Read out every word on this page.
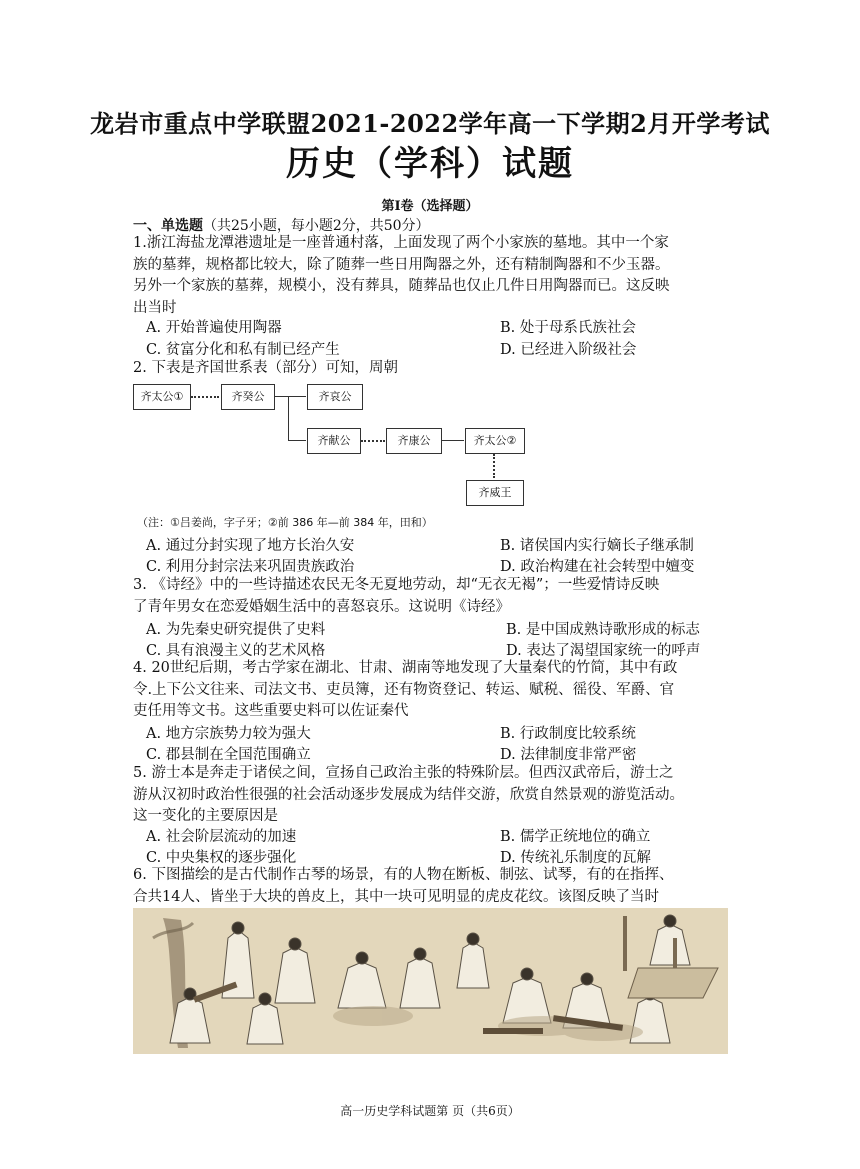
龙岩市重点中学联盟2021-2022学年高一下学期2月开学考试
历史（学科）试题
第Ⅰ卷（选择题）
一、单选题（共25小题，每小题2分，共50分）
1.浙江海盐龙潭港遗址是一座普通村落，上面发现了两个小家族的墓地。其中一个家
族的墓葬，规格都比较大，除了随葬一些日用陶器之外，还有精制陶器和不少玉器。
另外一个家族的墓葬，规模小，没有葬具，随葬品也仅止几件日用陶器而已。这反映
出当时
A. 开始普遍使用陶器	B. 处于母系氏族社会
C. 贫富分化和私有制已经产生	D. 已经进入阶级社会
2. 下表是齐国世系表（部分）可知，周朝
齐太公①	齐癸公	齐哀公
齐献公	齐康公	齐太公②
齐威王
（注：①吕姜尚，字子牙；②前 386 年—前 384 年，田和）
A. 通过分封实现了地方长治久安	B. 诸侯国内实行嫡长子继承制
C. 利用分封宗法来巩固贵族政治	D. 政治构建在社会转型中嬗变
3. 《诗经》中的一些诗描述农民无冬无夏地劳动，却“无衣无褐”；一些爱情诗反映
了青年男女在恋爱婚姻生活中的喜怒哀乐。这说明《诗经》
A. 为先秦史研究提供了史料	B. 是中国成熟诗歌形成的标志
C. 具有浪漫主义的艺术风格	D. 表达了渴望国家统一的呼声
4. 20世纪后期，考古学家在湖北、甘肃、湖南等地发现了大量秦代的竹简，其中有政
令.上下公文往来、司法文书、吏员簿，还有物资登记、转运、赋税、徭役、军爵、官
吏任用等文书。这些重要史料可以佐证秦代
A. 地方宗族势力较为强大	B. 行政制度比较系统
C. 郡县制在全国范围确立	D. 法律制度非常严密
5. 游士本是奔走于诸侯之间，宣扬自己政治主张的特殊阶层。但西汉武帝后，游士之
游从汉初时政治性很强的社会活动逐步发展成为结伴交游，欣赏自然景观的游览活动。
这一变化的主要原因是
A. 社会阶层流动的加速	B. 儒学正统地位的确立
C. 中央集权的逐步强化	D. 传统礼乐制度的瓦解
6. 下图描绘的是古代制作古琴的场景，有的人物在断板、制弦、试琴，有的在指挥、
合共14人、皆坐于大块的兽皮上，其中一块可见明显的虎皮花纹。该图反映了当时
高一历史学科试题第 页（共6页）
